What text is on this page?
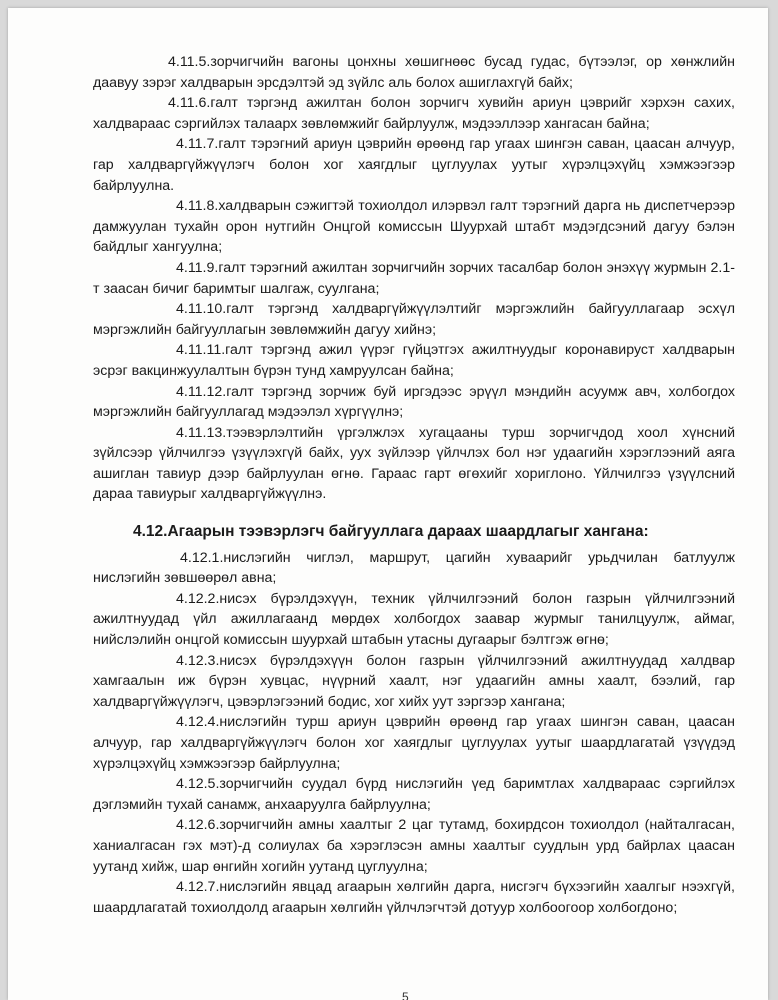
4.11.5.зорчигчийн вагоны цонхны хөшигнөөс бусад гудас, бүтээлэг, ор хөнжлийн даавуу зэрэг халдварын эрсдэлтэй эд зүйлс аль болох ашиглахгүй байх;

4.11.6.галт тэргэнд ажилтан болон зорчигч хувийн ариун цэврийг хэрхэн сахих, халдвараас сэргийлэх талаарх зөвлөмжийг байрлуулж, мэдээллээр хангасан байна;

4.11.7.галт тэрэгний ариун цэврийн өрөөнд гар угаах шингэн саван, цаасан алчуур, гар халдваргүйжүүлэгч болон хог хаягдлыг цуглуулах уутыг хүрэлцэхүйц хэмжээгээр байрлуулна.

4.11.8.халдварын сэжигтэй тохиолдол илэрвэл галт тэрэгний дарга нь диспетчерээр дамжуулан тухайн орон нутгийн Онцгой комиссын Шуурхай штабт мэдэгдсэний дагуу бэлэн байдлыг хангуулна;

4.11.9.галт тэрэгний ажилтан зорчигчийн зорчих тасалбар болон энэхүү журмын 2.1-т заасан бичиг баримтыг шалгаж, суулгана;

4.11.10.галт тэргэнд халдваргүйжүүлэлтийг мэргэжлийн байгууллагаар эсхүл мэргэжлийн байгууллагын зөвлөмжийн дагуу хийнэ;

4.11.11.галт тэргэнд ажил үүрэг гүйцэтгэх ажилтнуудыг коронавируст халдварын эсрэг вакцинжуулалтын бүрэн тунд хамруулсан байна;

4.11.12.галт тэргэнд зорчиж буй иргэдээс эрүүл мэндийн асуумж авч, холбогдох мэргэжлийн байгууллагад мэдээлэл хүргүүлнэ;

4.11.13.тээвэрлэлтийн үргэлжлэх хугацааны турш зорчигчдод хоол хүнсний зүйлсээр үйлчилгээ үзүүлэхгүй байх, уух зүйлээр үйлчлэх бол нэг удаагийн хэрэглээний аяга ашиглан тавиур дээр байрлуулан өгнө. Гараас гарт өгөхийг хориглоно. Үйлчилгээ үзүүлсний дараа тавиурыг халдваргүйжүүлнэ.

4.12.Агаарын тээвэрлэгч байгууллага дараах шаардлагыг хангана:

4.12.1.нислэгийн чиглэл, маршрут, цагийн хуваарийг урьдчилан батлуулж нислэгийн зөвшөөрөл авна;

4.12.2.нисэх бүрэлдэхүүн, техник үйлчилгээний болон газрын үйлчилгээний ажилтнуудад үйл ажиллагаанд мөрдөх холбогдох заавар журмыг танилцуулж, аймаг, нийслэлийн онцгой комиссын шуурхай штабын утасны дугаарыг бэлтгэж өгнө;

4.12.3.нисэх бүрэлдэхүүн болон газрын үйлчилгээний ажилтнуудад халдвар хамгаалын иж бүрэн хувцас, нүүрний хаалт, нэг удаагийн амны хаалт, бээлий, гар халдваргүйжүүлэгч, цэвэрлэгээний бодис, хог хийх уут зэргээр хангана;

4.12.4.нислэгийн турш ариун цэврийн өрөөнд гар угаах шингэн саван, цаасан алчуур, гар халдваргүйжүүлэгч болон хог хаягдлыг цуглуулах уутыг шаардлагатай үзүүдэд хүрэлцэхүйц хэмжээгээр байрлуулна;

4.12.5.зорчигчийн суудал бүрд нислэгийн үед баримтлах халдвараас сэргийлэх дэглэмийн тухай санамж, анхааруулга байрлуулна;

4.12.6.зорчигчийн амны хаалтыг 2 цаг тутамд, бохирдсон тохиолдол (найталгасан, ханиалгасан гэх мэт)-д солиулах ба хэрэглэсэн амны хаалтыг суудлын урд байрлах цаасан уутанд хийж, шар өнгийн хогийн уутанд цуглуулна;

4.12.7.нислэгийн явцад агаарын хөлгийн дарга, нисгэгч бүхээгийн хаалгыг нээхгүй, шаардлагатай тохиолдолд агаарын хөлгийн үйлчлэгчтэй дотуур холбоогоор холбогдоно;

5
